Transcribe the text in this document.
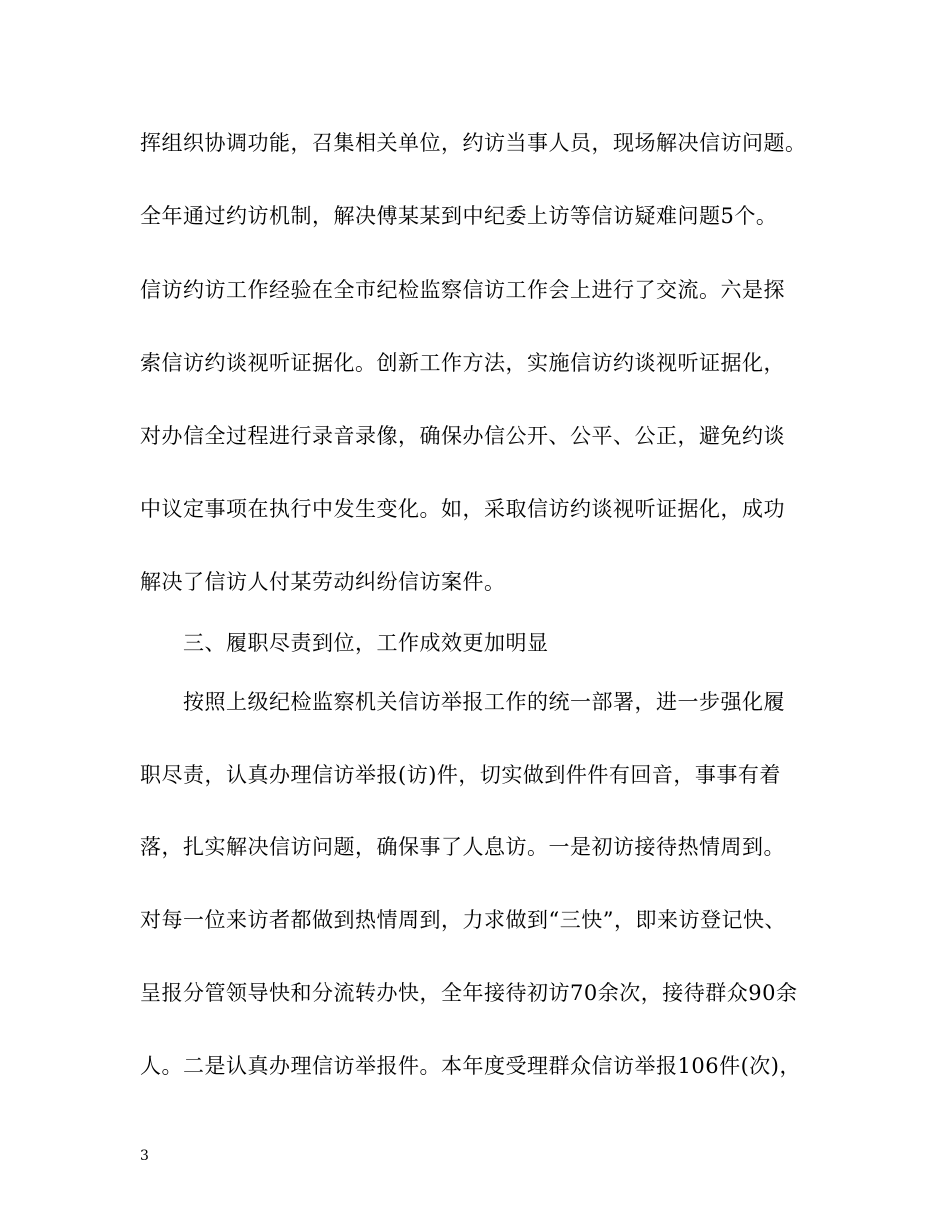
挥组织协调功能，召集相关单位，约访当事人员，现场解决信访问题。
全年通过约访机制，解决傅某某到中纪委上访等信访疑难问题5个。
信访约访工作经验在全市纪检监察信访工作会上进行了交流。六是探
索信访约谈视听证据化。创新工作方法，实施信访约谈视听证据化，
对办信全过程进行录音录像，确保办信公开、公平、公正，避免约谈
中议定事项在执行中发生变化。如，采取信访约谈视听证据化，成功
解决了信访人付某劳动纠纷信访案件。
三、履职尽责到位，工作成效更加明显
按照上级纪检监察机关信访举报工作的统一部署，进一步强化履
职尽责，认真办理信访举报(访)件，切实做到件件有回音，事事有着
落，扎实解决信访问题，确保事了人息访。一是初访接待热情周到。
对每一位来访者都做到热情周到，力求做到“三快”，即来访登记快、
呈报分管领导快和分流转办快，全年接待初访70余次，接待群众90余
人。二是认真办理信访举报件。本年度受理群众信访举报106件(次)，
3
